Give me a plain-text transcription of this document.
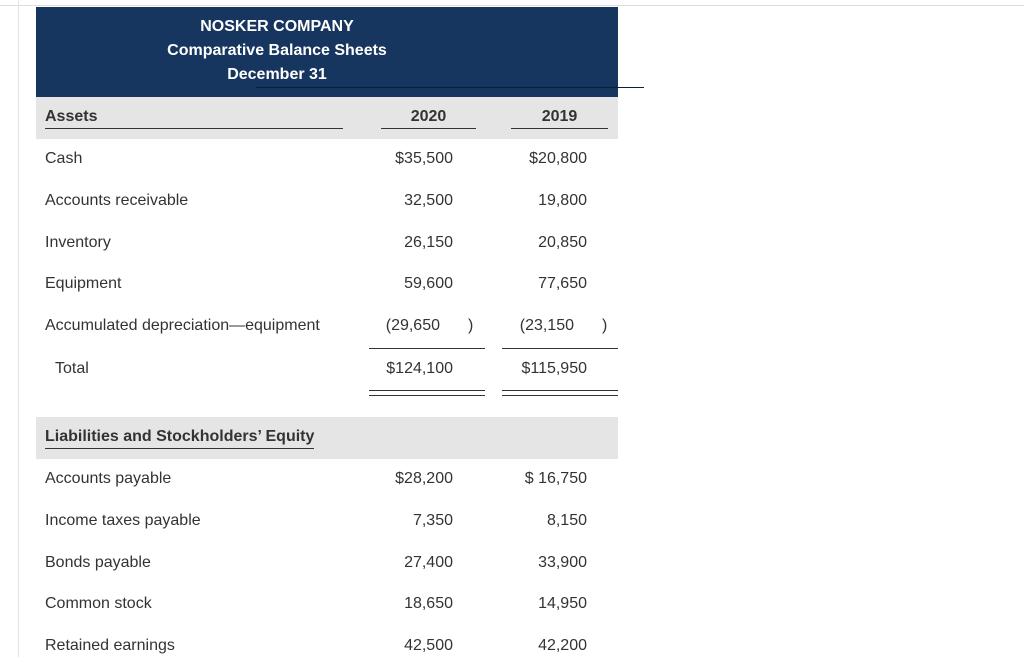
NOSKER COMPANY
Comparative Balance Sheets
December 31
Assets	2020	2019
Cash	$35,500	$20,800
Accounts receivable	32,500	19,800
Inventory	26,150	20,850
Equipment	59,600	77,650
Accumulated depreciation—equipment	(29,650 )	(23,150 )
Total	$124,100	$115,950
Liabilities and Stockholders’ Equity
Accounts payable	$28,200	$ 16,750
Income taxes payable	7,350	8,150
Bonds payable	27,400	33,900
Common stock	18,650	14,950
Retained earnings	42,500	42,200
